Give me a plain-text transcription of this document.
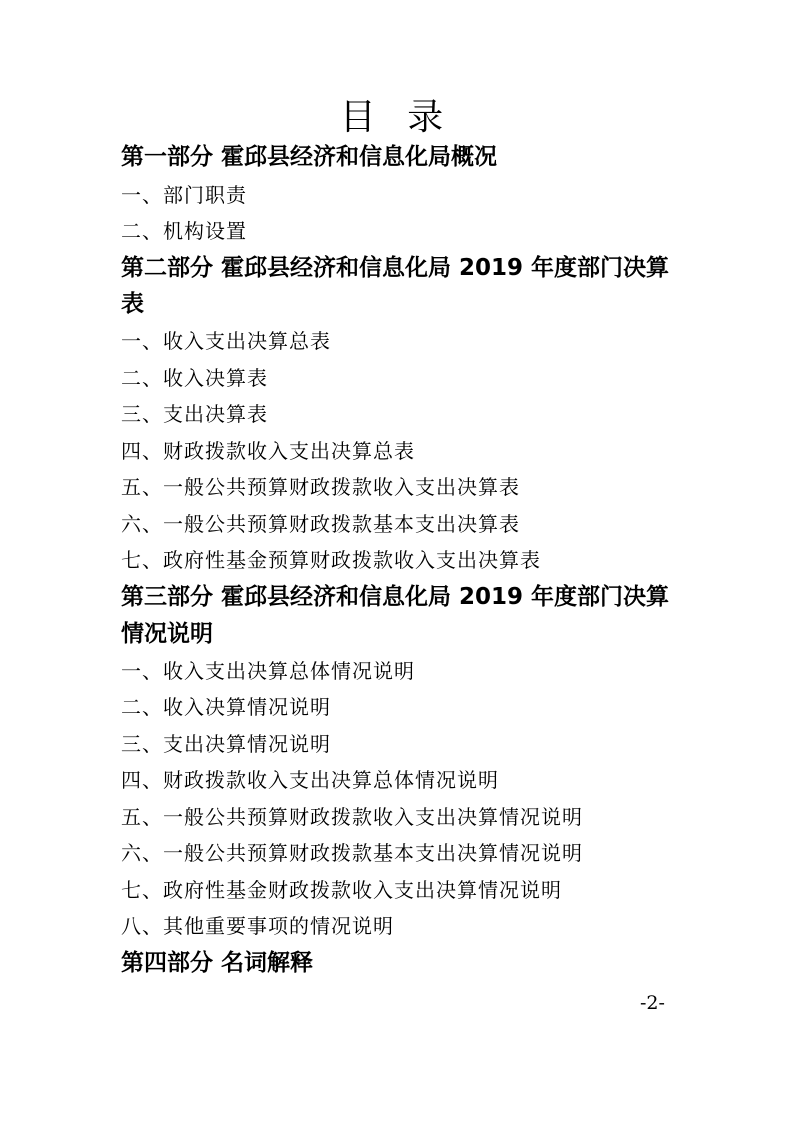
目 录
第一部分 霍邱县经济和信息化局概况
一、部门职责
二、机构设置
第二部分 霍邱县经济和信息化局 2019 年度部门决算
表
一、收入支出决算总表
二、收入决算表
三、支出决算表
四、财政拨款收入支出决算总表
五、一般公共预算财政拨款收入支出决算表
六、一般公共预算财政拨款基本支出决算表
七、政府性基金预算财政拨款收入支出决算表
第三部分 霍邱县经济和信息化局 2019 年度部门决算
情况说明
一、收入支出决算总体情况说明
二、收入决算情况说明
三、支出决算情况说明
四、财政拨款收入支出决算总体情况说明
五、一般公共预算财政拨款收入支出决算情况说明
六、一般公共预算财政拨款基本支出决算情况说明
七、政府性基金财政拨款收入支出决算情况说明
八、其他重要事项的情况说明
第四部分 名词解释
-2-
